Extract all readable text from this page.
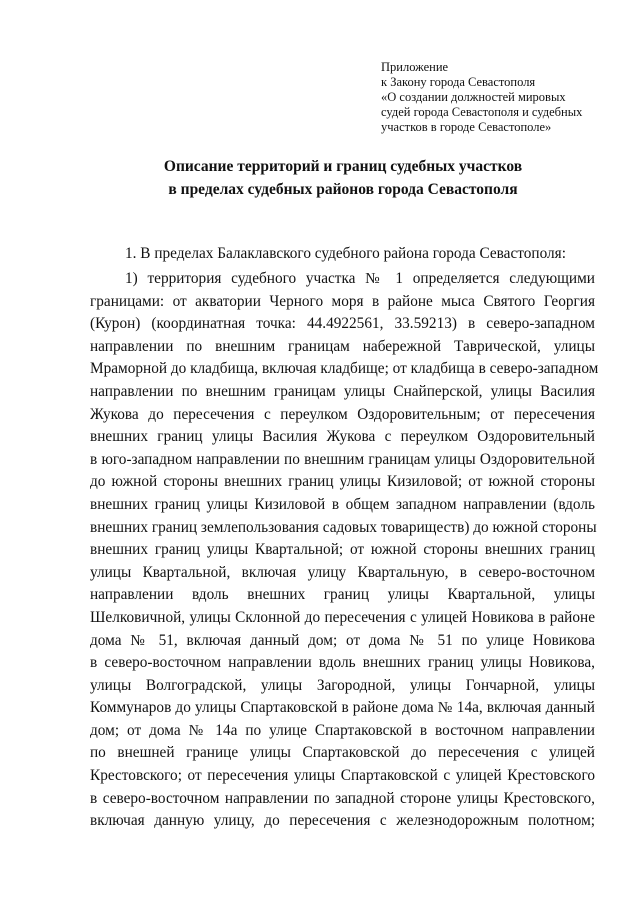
Приложение
к Закону города Севастополя
«О создании должностей мировых
судей города Севастополя и судебных
участков в городе Севастополе»
Описание территорий и границ судебных участков
в пределах судебных районов города Севастополя
1. В пределах Балаклавского судебного района города Севастополя:
1) территория судебного участка № 1 определяется следующими
границами: от акватории Черного моря в районе мыса Святого Георгия
(Курон) (координатная точка: 44.4922561, 33.59213) в северо-западном
направлении по внешним границам набережной Таврической, улицы
Мраморной до кладбища, включая кладбище; от кладбища в северо-западном
направлении по внешним границам улицы Снайперской, улицы Василия
Жукова до пересечения с переулком Оздоровительным; от пересечения
внешних границ улицы Василия Жукова с переулком Оздоровительный
в юго-западном направлении по внешним границам улицы Оздоровительной
до южной стороны внешних границ улицы Кизиловой; от южной стороны
внешних границ улицы Кизиловой в общем западном направлении (вдоль
внешних границ землепользования садовых товариществ) до южной стороны
внешних границ улицы Квартальной; от южной стороны внешних границ
улицы Квартальной, включая улицу Квартальную, в северо-восточном
направлении вдоль внешних границ улицы Квартальной, улицы
Шелковичной, улицы Склонной до пересечения с улицей Новикова в районе
дома № 51, включая данный дом; от дома № 51 по улице Новикова
в северо-восточном направлении вдоль внешних границ улицы Новикова,
улицы Волгоградской, улицы Загородной, улицы Гончарной, улицы
Коммунаров до улицы Спартаковской в районе дома № 14а, включая данный
дом; от дома № 14а по улице Спартаковской в восточном направлении
по внешней границе улицы Спартаковской до пересечения с улицей
Крестовского; от пересечения улицы Спартаковской с улицей Крестовского
в северо-восточном направлении по западной стороне улицы Крестовского,
включая данную улицу, до пересечения с железнодорожным полотном;
